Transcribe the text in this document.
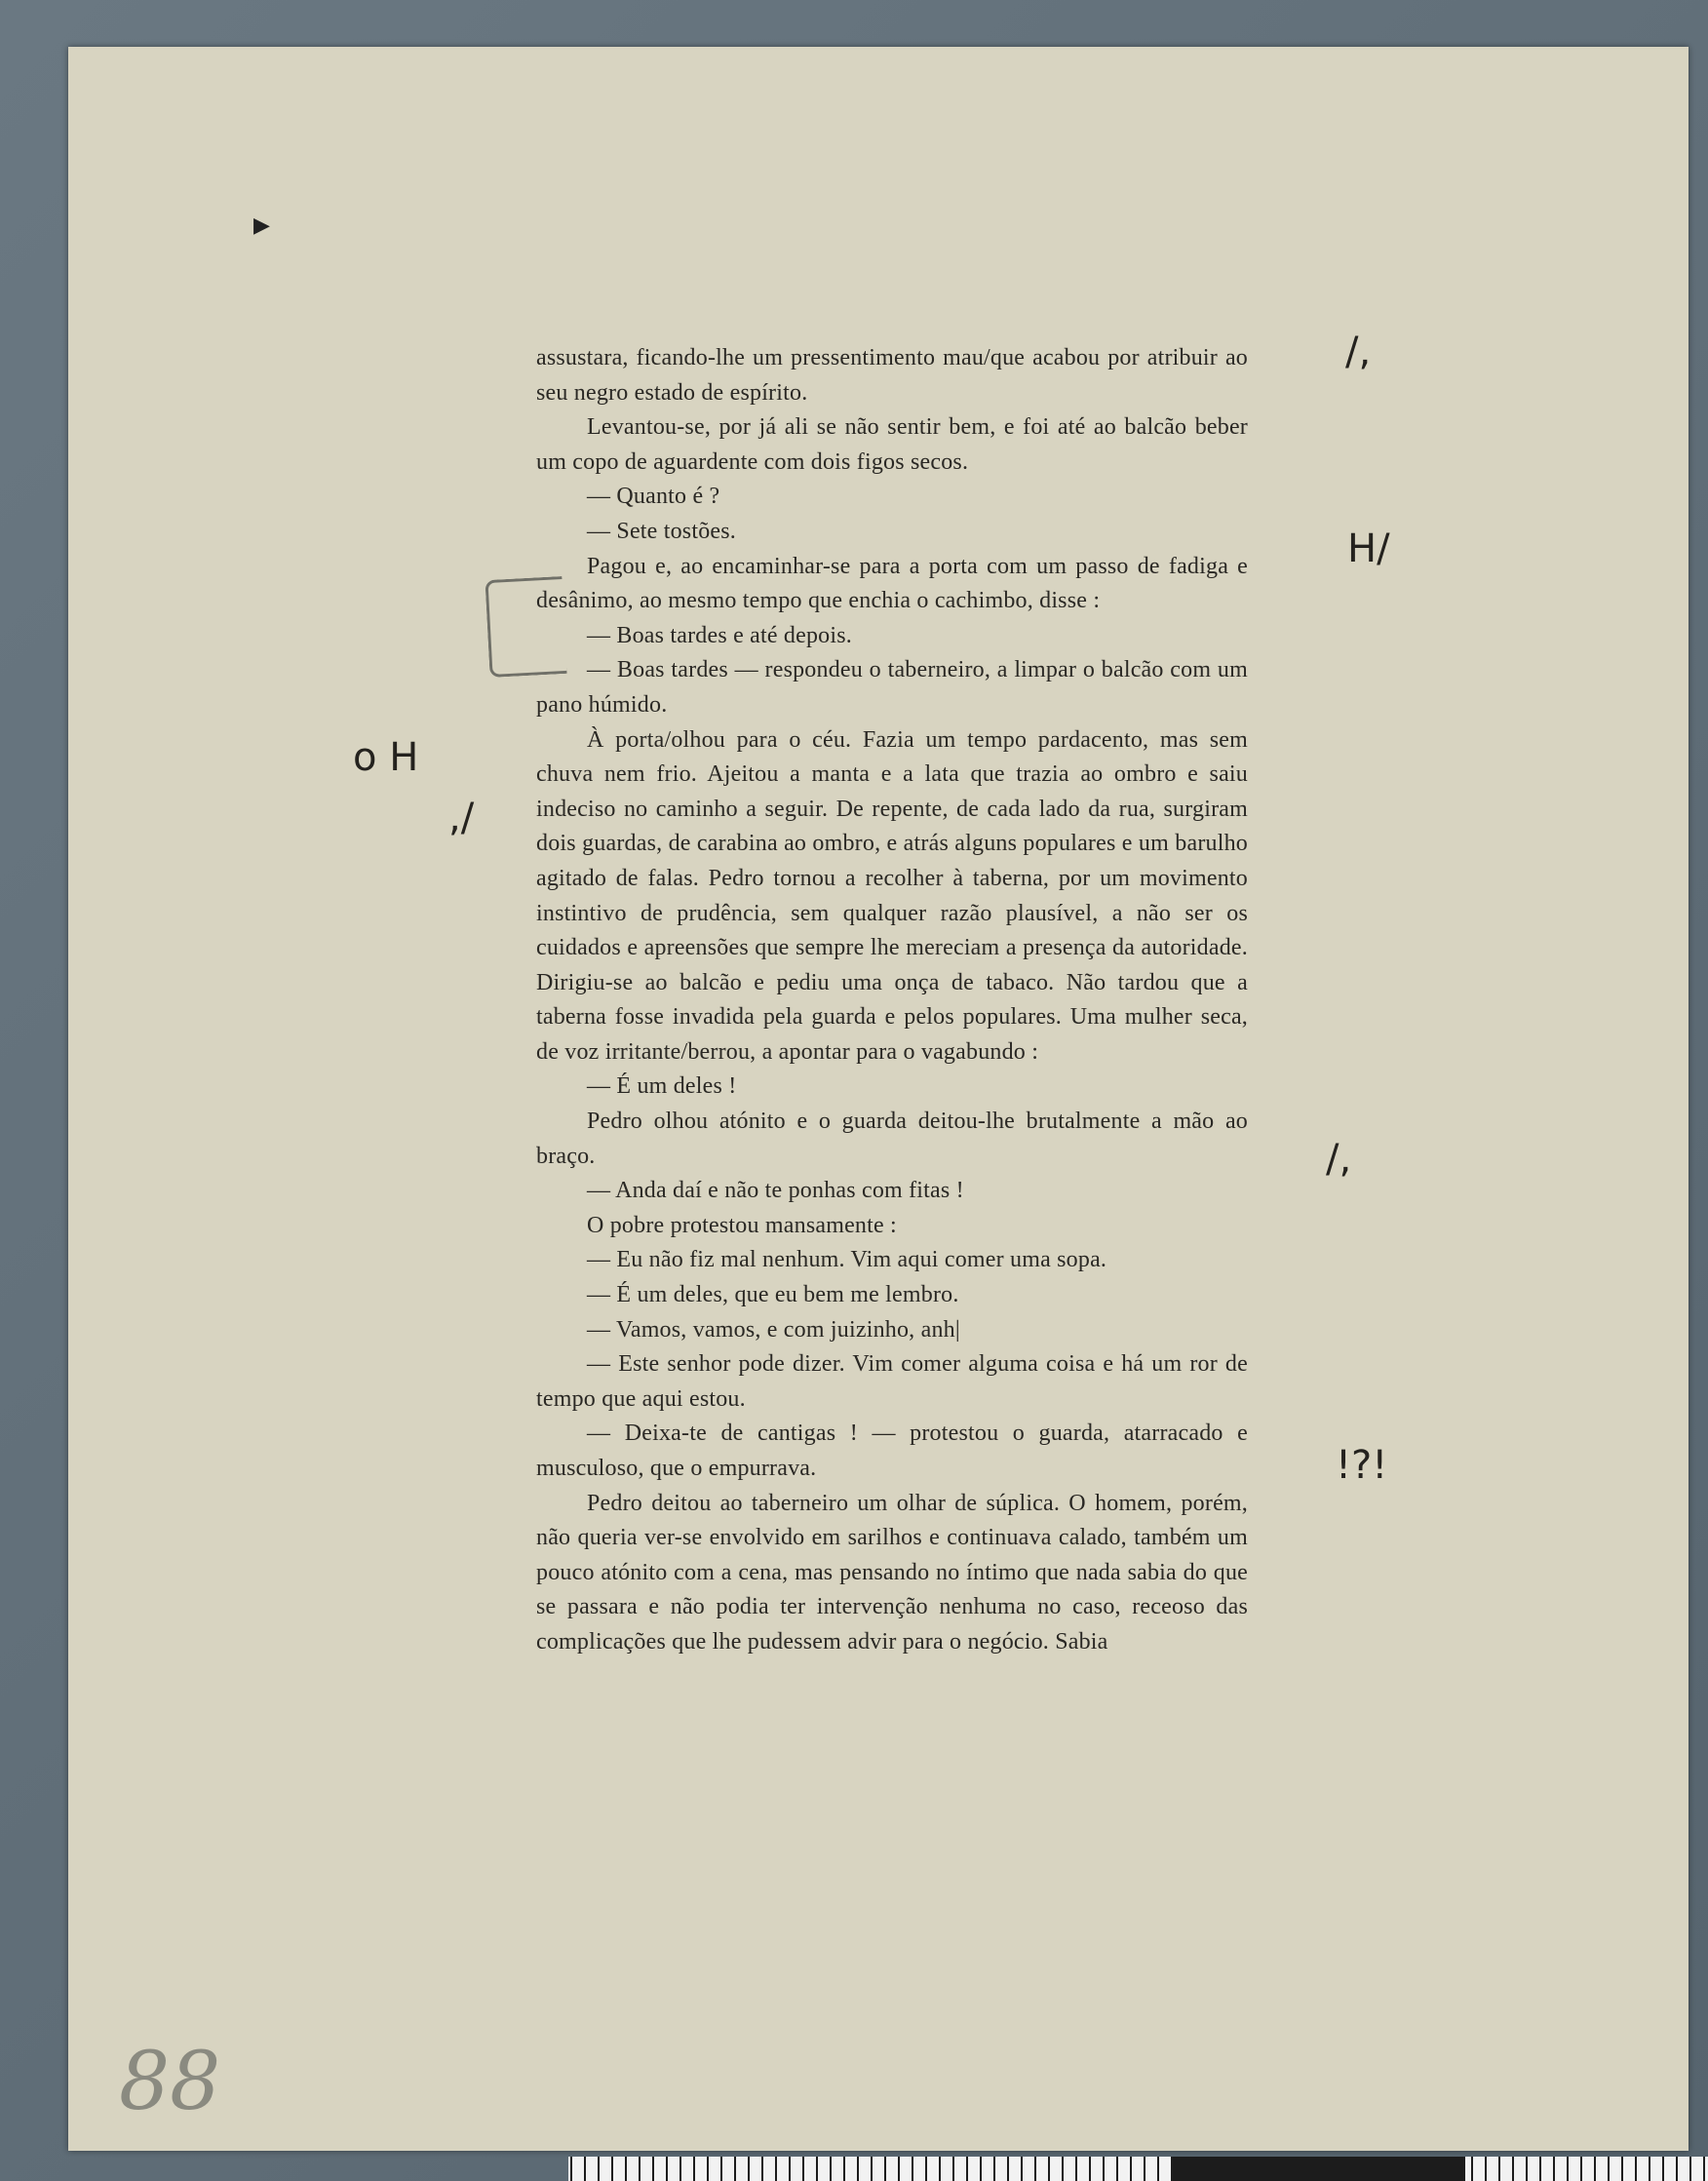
▶

assustara, ficando-lhe um pressentimento mau/que acabou por atribuir ao seu negro estado de espírito.

Levantou-se, por já ali se não sentir bem, e foi até ao balcão beber um copo de aguardente com dois figos secos.

— Quanto é ?

— Sete tostões.

Pagou e, ao encaminhar-se para a porta com um passo de fadiga e desânimo, ao mesmo tempo que enchia o cachimbo, disse :

— Boas tardes e até depois.

— Boas tardes — respondeu o taberneiro, a limpar o balcão com um pano húmido.

À porta/olhou para o céu. Fazia um tempo pardacento, mas sem chuva nem frio. Ajeitou a manta e a lata que trazia ao ombro e saiu indeciso no caminho a seguir. De repente, de cada lado da rua, surgiram dois guardas, de carabina ao ombro, e atrás alguns populares e um barulho agitado de falas. Pedro tornou a recolher à taberna, por um movimento instintivo de prudência, sem qualquer razão plausível, a não ser os cuidados e apreensões que sempre lhe mereciam a presença da autoridade. Dirigiu-se ao balcão e pediu uma onça de tabaco. Não tardou que a taberna fosse invadida pela guarda e pelos populares. Uma mulher seca, de voz irritante/berrou, a apontar para o vagabundo :

— É um deles !

Pedro olhou atónito e o guarda deitou-lhe brutalmente a mão ao braço.

— Anda daí e não te ponhas com fitas !

O pobre protestou mansamente :

— Eu não fiz mal nenhum. Vim aqui comer uma sopa.

— É um deles, que eu bem me lembro.

— Vamos, vamos, e com juizinho, anh|

— Este senhor pode dizer. Vim comer alguma coisa e há um ror de tempo que aqui estou.

— Deixa-te de cantigas ! — protestou o guarda, atarracado e musculoso, que o empurrava.

Pedro deitou ao taberneiro um olhar de súplica. O homem, porém, não queria ver-se envolvido em sarilhos e continuava calado, também um pouco atónito com a cena, mas pensando no íntimo que nada sabia do que se passara e não podia ter intervenção nenhuma no caso, receoso das complicações que lhe pudessem advir para o negócio. Sabia

/,
H/
o H
,/
/,
!?!
88
